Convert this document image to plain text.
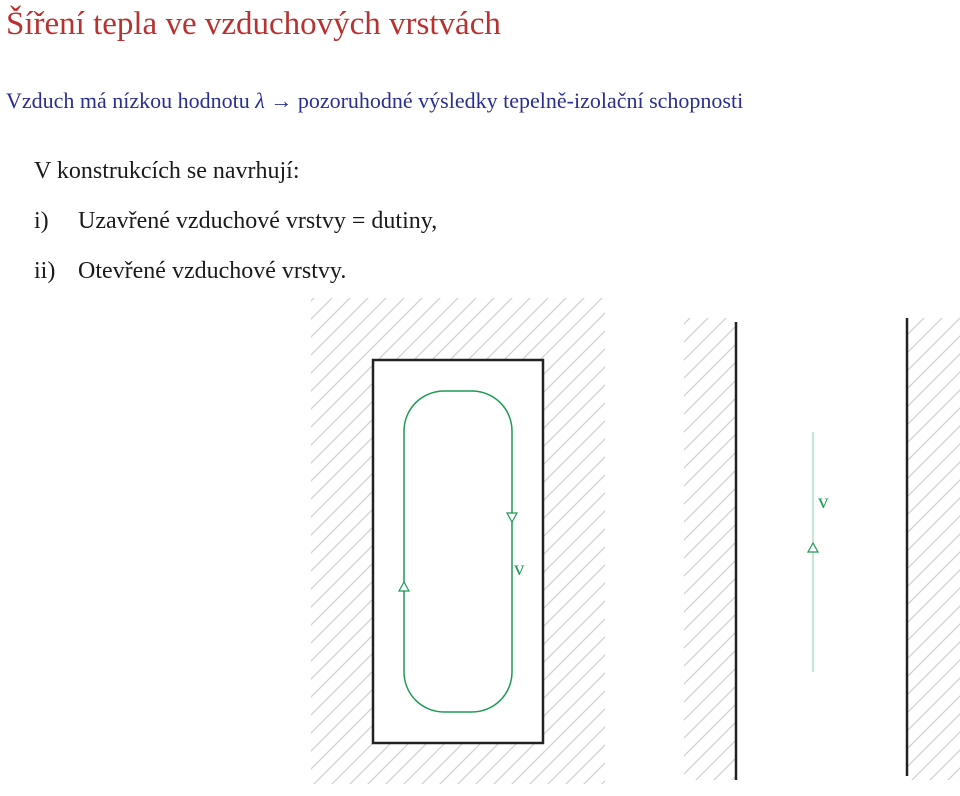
Šíření tepla ve vzduchových vrstvách
Vzduch má nízkou hodnotu λ → pozoruhodné výsledky tepelně-izolační schopnosti
V konstrukcích se navrhují:
i) Uzavřené vzduchové vrstvy = dutiny,
ii) Otevřené vzduchové vrstvy.
v
v
